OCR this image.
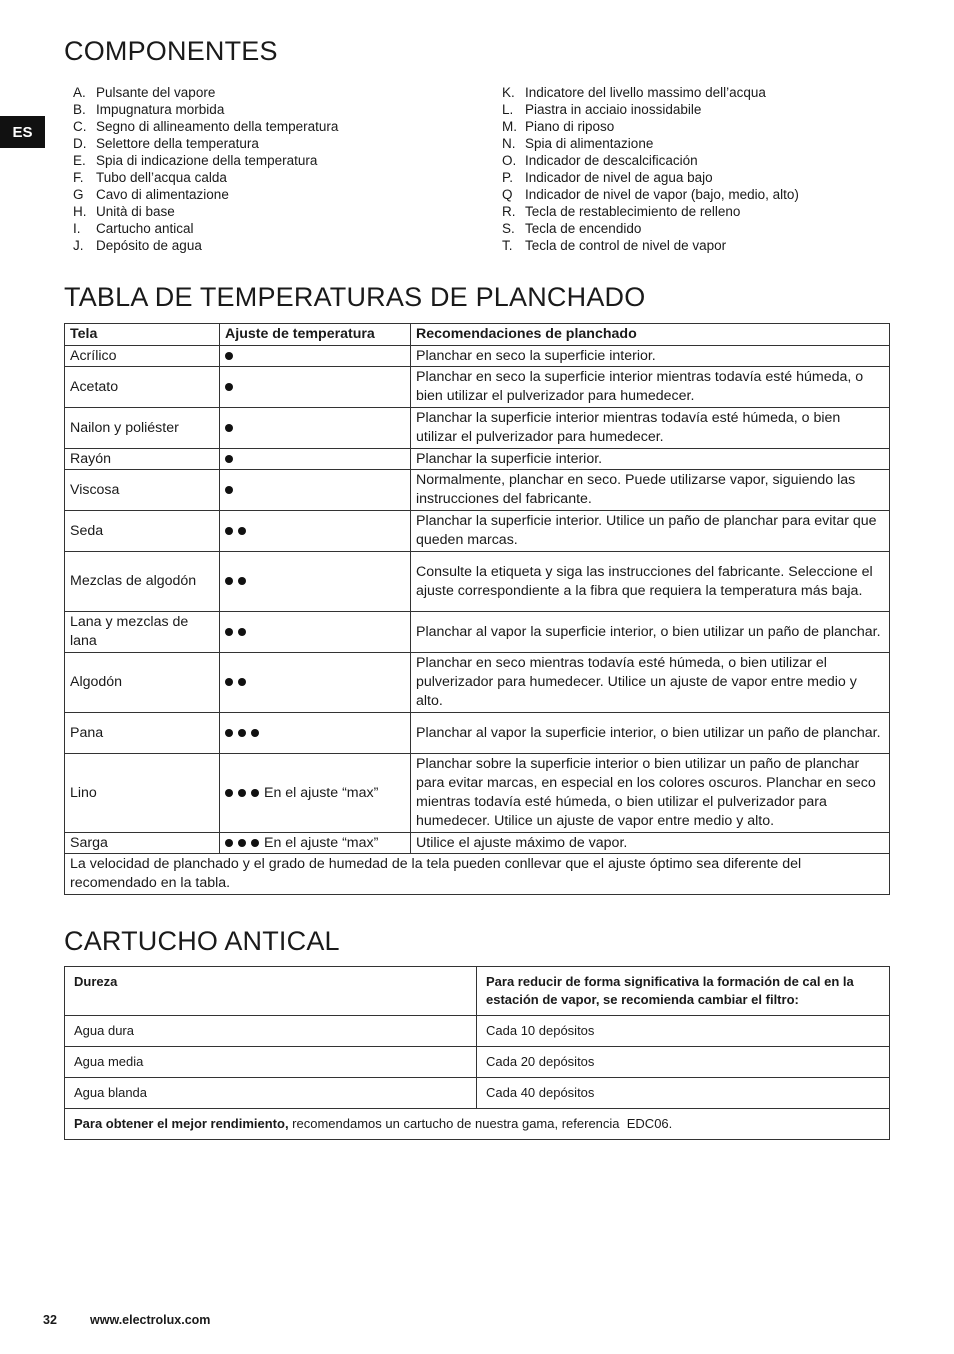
ES
COMPONENTES
A. Pulsante del vapore
B. Impugnatura morbida
C. Segno di allineamento della temperatura
D. Selettore della temperatura
E. Spia di indicazione della temperatura
F. Tubo dell’acqua calda
G Cavo di alimentazione
H. Unità di base
I.	Cartucho antical
J. Depósito de agua
K. Indicatore del livello massimo dell’acqua
L. Piastra in acciaio inossidabile
M. Piano di riposo
N. Spia di alimentazione
O. Indicador de descalcificación
P. Indicador de nivel de agua bajo
Q Indicador de nivel de vapor (bajo, medio, alto)
R. Tecla de restablecimiento de relleno
S. Tecla de encendido
T. Tecla de control de nivel de vapor
TABLA DE TEMPERATURAS DE PLANCHADO
Tela	Ajuste de temperatura	Recomendaciones de planchado
Acrílico		Planchar en seco la superficie interior.
Acetato		Planchar en seco la superficie interior mientras todavía esté húmeda, o bien utilizar el pulverizador para humedecer.
Nailon y poliéster		Planchar la superficie interior mientras todavía esté húmeda, o bien utilizar el pulverizador para humedecer.
Rayón		Planchar la superficie interior.
Viscosa		Normalmente, planchar en seco. Puede utilizarse vapor, siguiendo las instrucciones del fabricante.
Seda		Planchar la superficie interior. Utilice un paño de planchar para evitar que queden marcas.
Mezclas de algodón		Consulte la etiqueta y siga las instrucciones del fabricante. Seleccione el ajuste correspondiente a la fibra que requiera la temperatura más baja.
Lana y mezclas de lana		Planchar al vapor la superficie interior, o bien utilizar un paño de planchar.
Algodón		Planchar en seco mientras todavía esté húmeda, o bien utilizar el pulverizador para humedecer. Utilice un ajuste de vapor entre medio y alto.
Pana		Planchar al vapor la superficie interior, o bien utilizar un paño de planchar.
Lino	En el ajuste “max”	Planchar sobre la superficie interior o bien utilizar un paño de planchar para evitar marcas, en especial en los colores oscuros. Planchar en seco mientras todavía esté húmeda, o bien utilizar el pulverizador para humedecer. Utilice un ajuste de vapor entre medio y alto.
Sarga	En el ajuste “max”	Utilice el ajuste máximo de vapor.
La velocidad de planchado y el grado de humedad de la tela pueden conllevar que el ajuste óptimo sea diferente del recomendado en la tabla.		
CARTUCHO ANTICAL
Dureza	Para reducir de forma significativa la formación de cal en la estación de vapor, se recomienda cambiar el filtro:
Agua dura	Cada 10 depósitos
Agua media	Cada 20 depósitos
Agua blanda	Cada 40 depósitos
Para obtener el mejor rendimiento, recomendamos un cartucho de nuestra gama, referencia  EDC06.	
32	www.electrolux.com
